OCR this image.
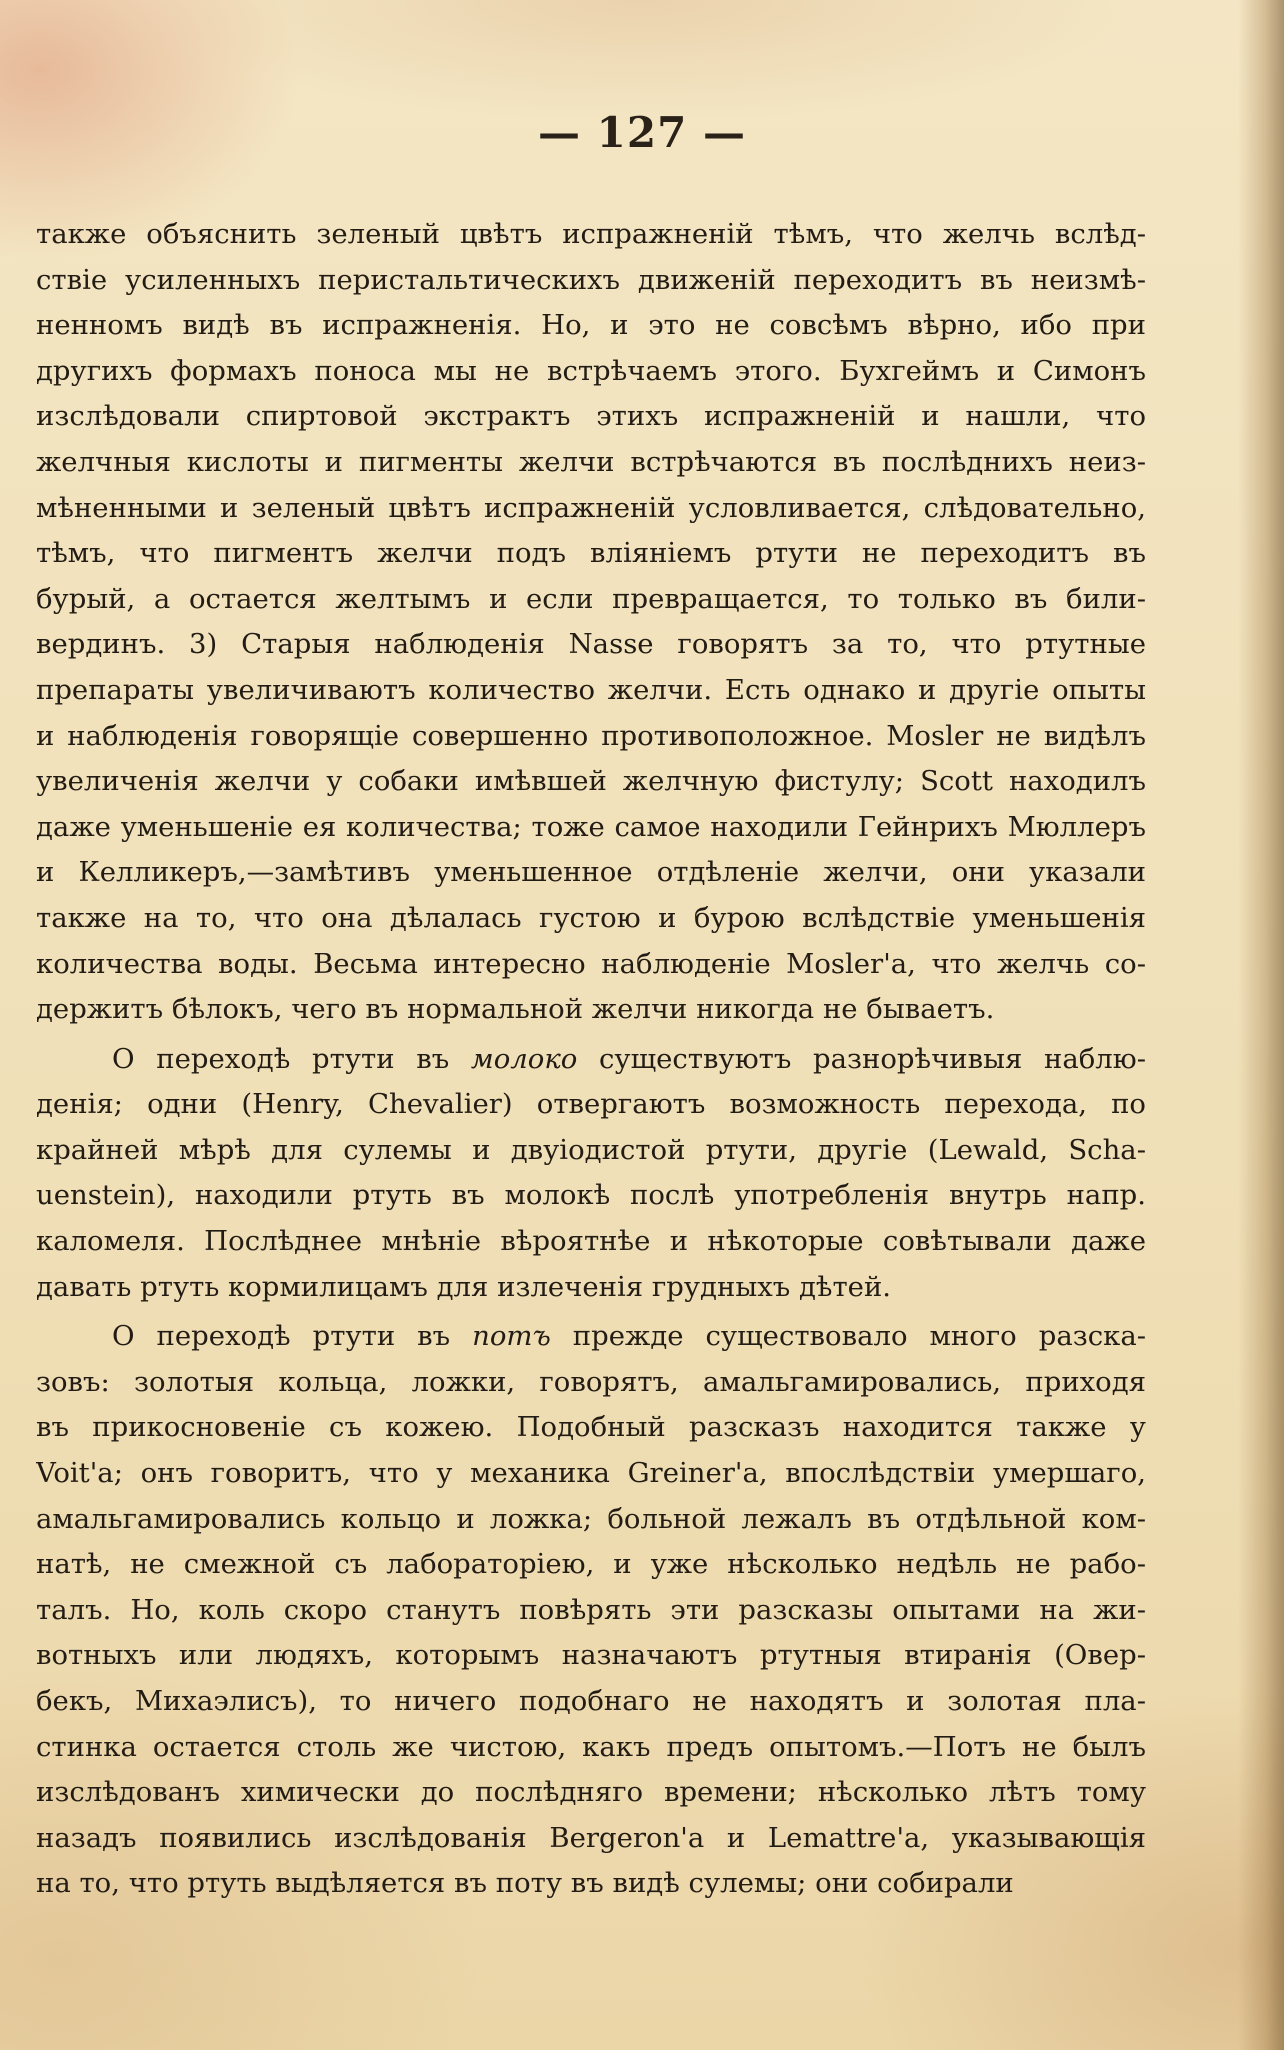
— 127 —
также объяснить зеленый цвѣтъ испражненій тѣмъ, что желчь вслѣд-
ствіе усиленныхъ перистальтическихъ движеній переходитъ въ неизмѣ-
ненномъ видѣ въ испражненія. Но, и это не совсѣмъ вѣрно, ибо при
другихъ формахъ поноса мы не встрѣчаемъ этого. Бухгеймъ и Симонъ
изслѣдовали спиртовой экстрактъ этихъ испражненій и нашли, что
желчныя кислоты и пигменты желчи встрѣчаются въ послѣднихъ неиз-
мѣненными и зеленый цвѣтъ испражненій условливается, слѣдовательно,
тѣмъ, что пигментъ желчи подъ вліяніемъ ртути не переходитъ въ
бурый, а остается желтымъ и если превращается, то только въ били-
вердинъ. 3) Старыя наблюденія Nasse говорятъ за то, что ртутные
препараты увеличиваютъ количество желчи. Есть однако и другіе опыты
и наблюденія говорящіе совершенно противоположное. Mosler не видѣлъ
увеличенія желчи у собаки имѣвшей желчную фистулу; Scott находилъ
даже уменьшеніе ея количества; тоже самое находили Гейнрихъ Мюллеръ
и Келликеръ,—замѣтивъ уменьшенное отдѣленіе желчи, они указали
также на то, что она дѣлалась густою и бурою вслѣдствіе уменьшенія
количества воды. Весьма интересно наблюденіе Mosler'a, что желчь со-
держитъ бѣлокъ, чего въ нормальной желчи никогда не бываетъ.
О переходѣ ртути въ молоко существуютъ разнорѣчивыя наблю-
денія; одни (Henry, Chevalier) отвергаютъ возможность перехода, по
крайней мѣрѣ для сулемы и двуіодистой ртути, другіе (Lewald, Scha-
uenstein), находили ртуть въ молокѣ послѣ употребленія внутрь напр.
каломеля. Послѣднее мнѣніе вѣроятнѣе и нѣкоторые совѣтывали даже
давать ртуть кормилицамъ для излеченія грудныхъ дѣтей.
О переходѣ ртути въ потъ прежде существовало много разска-
зовъ: золотыя кольца, ложки, говорятъ, амальгамировались, приходя
въ прикосновеніе съ кожею. Подобный разсказъ находится также у
Voit'a; онъ говоритъ, что у механика Greiner'a, впослѣдствіи умершаго,
амальгамировались кольцо и ложка; больной лежалъ въ отдѣльной ком-
натѣ, не смежной съ лабораторіею, и уже нѣсколько недѣль не рабо-
талъ. Но, коль скоро станутъ повѣрять эти разсказы опытами на жи-
вотныхъ или людяхъ, которымъ назначаютъ ртутныя втиранія (Овер-
бекъ, Михаэлисъ), то ничего подобнаго не находятъ и золотая пла-
стинка остается столь же чистою, какъ предъ опытомъ.—Потъ не былъ
изслѣдованъ химически до послѣдняго времени; нѣсколько лѣтъ тому
назадъ появились изслѣдованія Bergeron'a и Lemattre'a, указывающія
на то, что ртуть выдѣляется въ поту въ видѣ сулемы; они собирали
